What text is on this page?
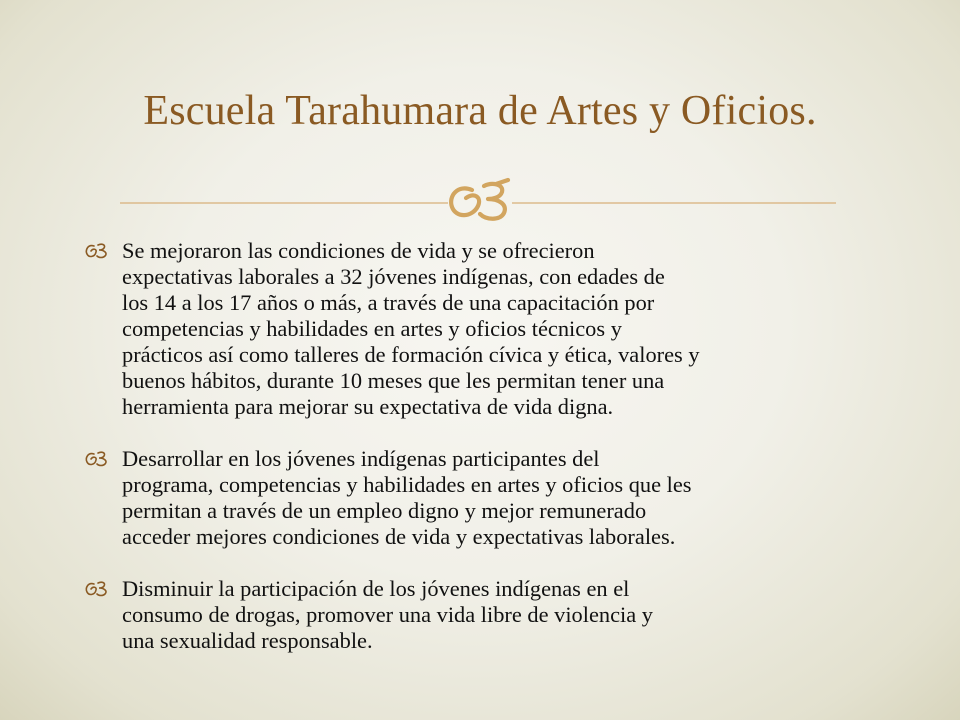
Escuela Tarahumara de Artes y Oficios.
Se mejoraron las condiciones de vida y se ofrecieron
expectativas laborales a 32 jóvenes indígenas, con edades de
los 14 a los 17 años o más, a través de una capacitación por
competencias y habilidades en artes y oficios técnicos y
prácticos así como talleres de formación cívica y ética, valores y
buenos hábitos, durante 10 meses que les permitan tener una
herramienta para mejorar su expectativa de vida digna.
Desarrollar en los jóvenes indígenas participantes del
programa, competencias y habilidades en artes y oficios que les
permitan a través de un empleo digno y mejor remunerado
acceder mejores condiciones de vida y expectativas laborales.
Disminuir la participación de los jóvenes indígenas en el
consumo de drogas, promover una vida libre de violencia y
una sexualidad responsable.
